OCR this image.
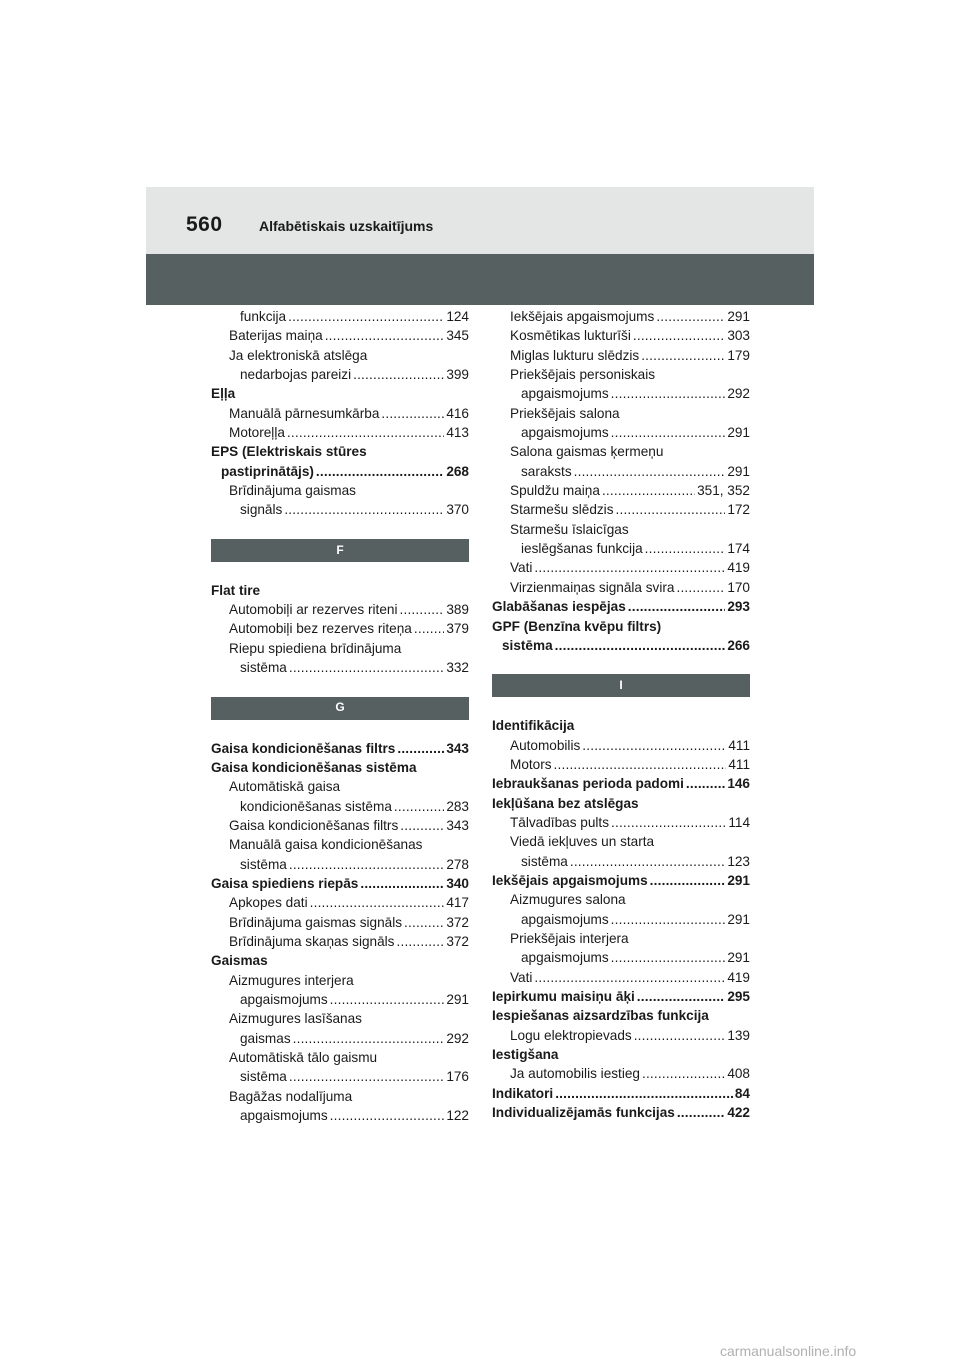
560	Alfabētiskais uzskaitījums
funkcija .....	124
Baterijas maiņa .....	345
Ja elektroniskā atslēga
nedarbojas pareizi .....	399
Eļļa
Manuālā pārnesumkārba .....	416
Motoreļļa .....	413
EPS (Elektriskais stūres
pastiprinātājs) .....	268
Brīdinājuma gaismas
signāls .....	370
F
Flat tire
Automobiļi ar rezerves riteni .....	389
Automobiļi bez rezerves riteņa .....	379
Riepu spiediena brīdinājuma
sistēma .....	332
G
Gaisa kondicionēšanas filtrs .....	343
Gaisa kondicionēšanas sistēma
Automātiskā gaisa
kondicionēšanas sistēma .....	283
Gaisa kondicionēšanas filtrs .....	343
Manuālā gaisa kondicionēšanas
sistēma .....	278
Gaisa spiediens riepās .....	340
Apkopes dati .....	417
Brīdinājuma gaismas signāls .....	372
Brīdinājuma skaņas signāls .....	372
Gaismas
Aizmugures interjera
apgaismojums .....	291
Aizmugures lasīšanas
gaismas .....	292
Automātiskā tālo gaismu
sistēma .....	176
Bagāžas nodalījuma
apgaismojums .....	122
Iekšējais apgaismojums .....	291
Kosmētikas lukturīši .....	303
Miglas lukturu slēdzis .....	179
Priekšējais personiskais
apgaismojums .....	292
Priekšējais salona
apgaismojums .....	291
Salona gaismas ķermeņu
saraksts .....	291
Spuldžu maiņa .....	351, 352
Starmešu slēdzis .....	172
Starmešu īslaicīgas
ieslēgšanas funkcija .....	174
Vati .....	419
Virzienmaiņas signāla svira .....	170
Glabāšanas iespējas .....	293
GPF (Benzīna kvēpu filtrs)
sistēma .....	266
I
Identifikācija
Automobilis .....	411
Motors .....	411
Iebraukšanas perioda padomi .....	146
Iekļūšana bez atslēgas
Tālvadības pults .....	114
Viedā iekļuves un starta
sistēma .....	123
Iekšējais apgaismojums .....	291
Aizmugures salona
apgaismojums .....	291
Priekšējais interjera
apgaismojums .....	291
Vati .....	419
Iepirkumu maisiņu āķi .....	295
Iespiešanas aizsardzības funkcija
Logu elektropievads .....	139
Iestigšana
Ja automobilis iestieg .....	408
Indikatori .....	84
Individualizējamās funkcijas .....	422
carmanualsonline.info
